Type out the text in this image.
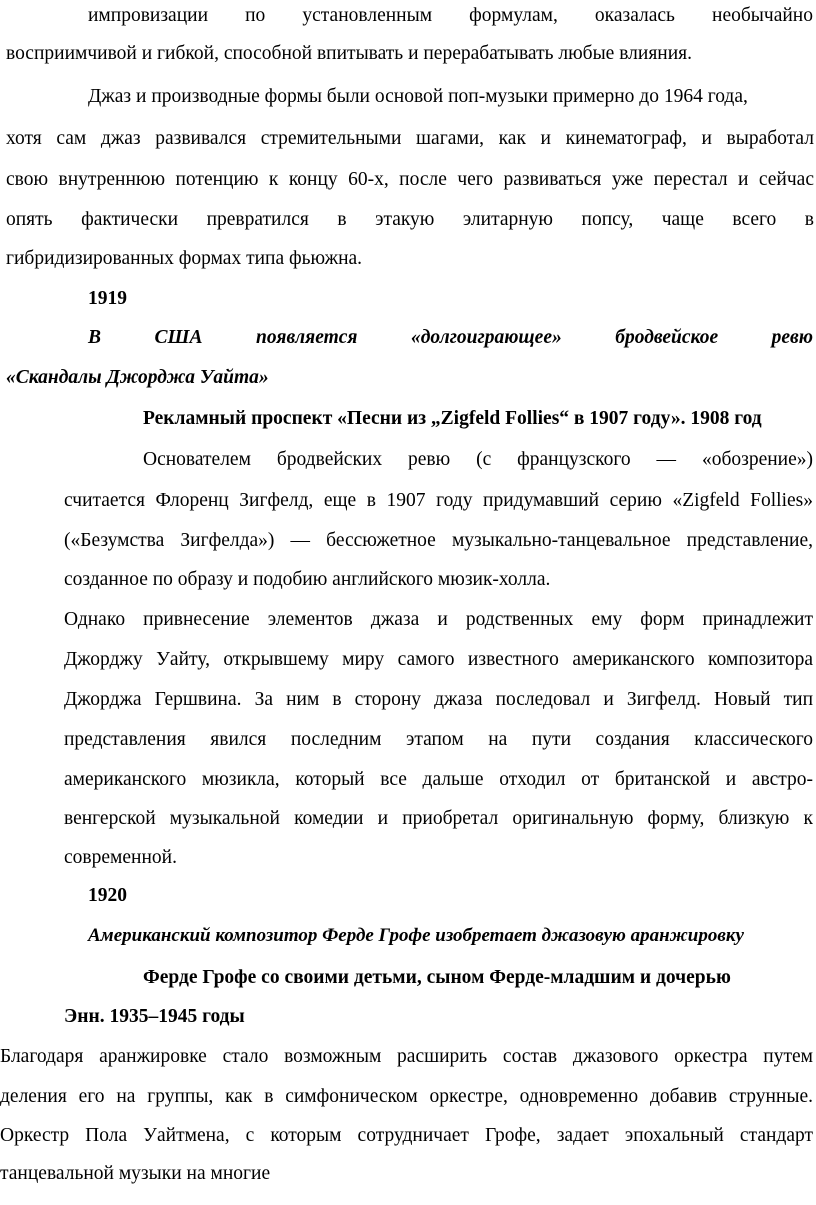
импровизации по установленным формулам, оказалась необычайно
восприимчивой и гибкой, способной впитывать и перерабатывать любые влияния.
Джаз и производные формы были основой поп-музыки примерно до 1964 года,
хотя сам джаз развивался стремительными шагами, как и кинематограф, и выработал
свою внутреннюю потенцию к концу 60-х, после чего развиваться уже перестал и сейчас
опять фактически превратился в этакую элитарную попсу, чаще всего в
гибридизированных формах типа фьюжна.
1919
В США появляется «долгоиграющее» бродвейское ревю
«Скандалы Джорджа Уайта»
Рекламный проспект «Песни из „Zigfeld Follies“ в 1907 году». 1908 год
Основателем бродвейских ревю (с французского — «обозрение»)
считается Флоренц Зигфелд, еще в 1907 году придумавший серию «Zigfeld Follies»
(«Безумства Зигфелда») — бессюжетное музыкально-танцевальное представление,
созданное по образу и подобию английского мюзик-холла.
Однако привнесение элементов джаза и родственных ему форм принадлежит
Джорджу Уайту, открывшему миру самого известного американского композитора
Джорджа Гершвина. За ним в сторону джаза последовал и Зигфелд. Новый тип
представления явился последним этапом на пути создания классического
американского мюзикла, который все дальше отходил от британской и австро-
венгерской музыкальной комедии и приобретал оригинальную форму, близкую к
современной.
1920
Американский композитор Ферде Грофе изобретает джазовую аранжировку
Ферде Грофе со своими детьми, сыном Ферде-младшим и дочерью
Энн. 1935–1945 годы
Благодаря аранжировке стало возможным расширить состав джазового оркестра путем
деления его на группы, как в симфоническом оркестре, одновременно добавив струнные.
Оркестр Пола Уайтмена, с которым сотрудничает Грофе, задает эпохальный стандарт
танцевальной музыки на многие
